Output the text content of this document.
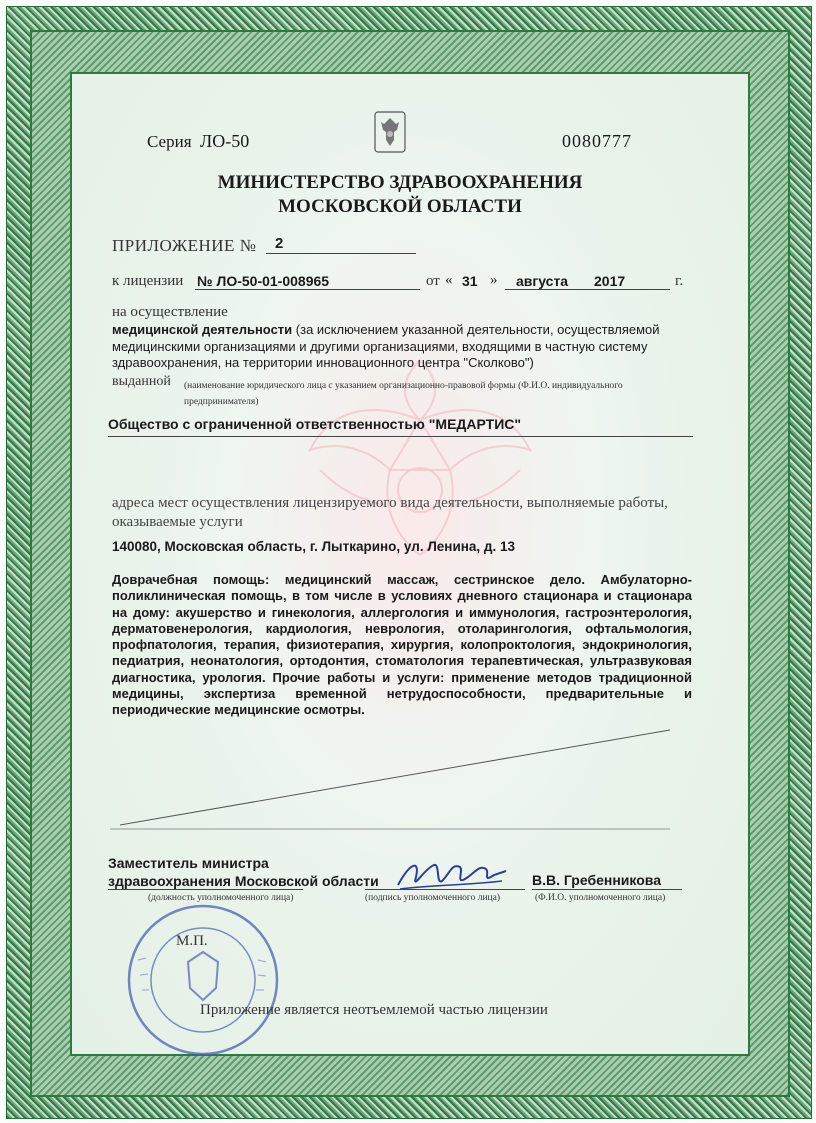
Серия ЛО-50	0080777
МИНИСТЕРСТВО ЗДРАВООХРАНЕНИЯ
МОСКОВСКОЙ ОБЛАСТИ
ПРИЛОЖЕНИЕ № 2
к лицензии № ЛО-50-01-008965	от « 31 » августа 2017	г.
на осуществление
медицинской деятельности (за исключением указанной деятельности, осуществляемой медицинскими организациями и другими организациями, входящими в частную систему здравоохранения, на территории инновационного центра "Сколково")
выданной (наименование юридического лица с указанием организационно-правовой формы (Ф.И.О. индивидуального предпринимателя)
Общество с ограниченной ответственностью "МЕДАРТИС"
адреса мест осуществления лицензируемого вида деятельности, выполняемые работы, оказываемые услуги
140080, Московская область, г. Лыткарино, ул. Ленина, д. 13
Доврачебная помощь: медицинский массаж, сестринское дело. Амбулаторно-поликлиническая помощь, в том числе в условиях дневного стационара и стационара на дому: акушерство и гинекология, аллергология и иммунология, гастроэнтерология, дерматовенерология, кардиология, неврология, отоларингология, офтальмология, профпатология, терапия, физиотерапия, хирургия, колопроктология, эндокринология, педиатрия, неонатология, ортодонтия, стоматология терапевтическая, ультразвуковая диагностика, урология. Прочие работы и услуги: применение методов традиционной медицины, экспертиза временной нетрудоспособности, предварительные и периодические медицинские осмотры.
Заместитель министра
здравоохранения Московской области	В.В. Гребенникова
(должность уполномоченного лица)	(подпись уполномоченного лица)	(Ф.И.О. уполномоченного лица)
М.П.
Приложение является неотъемлемой частью лицензии
